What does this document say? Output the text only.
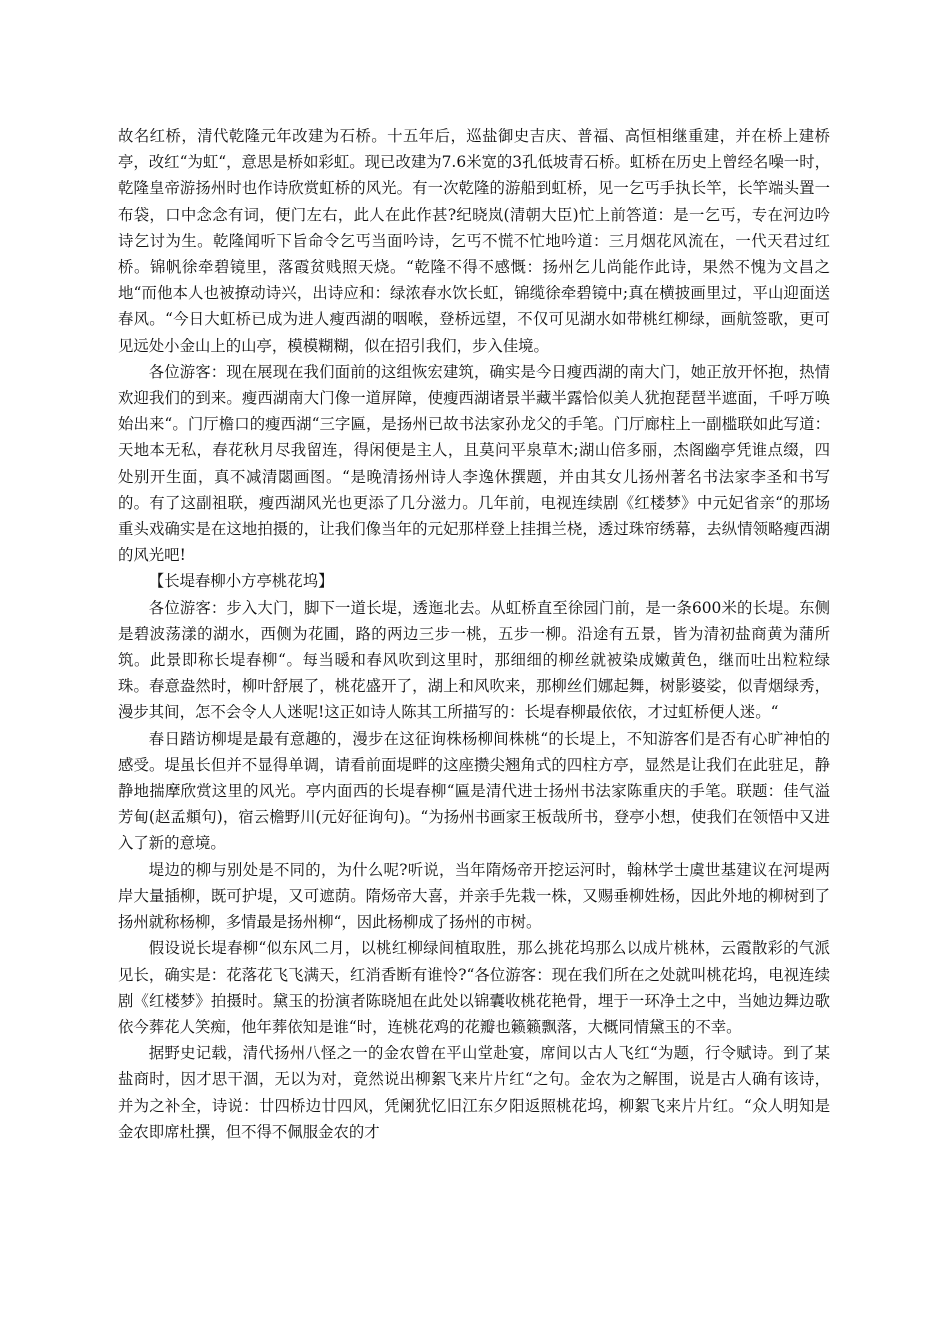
故名红桥，清代乾隆元年改建为石桥。十五年后，巡盐御史吉庆、普福、高恒相继重建，并在桥上建桥亭，改红“为虹“，意思是桥如彩虹。现已改建为7.6米宽的3孔低坡青石桥。虹桥在历史上曾经名噪一时，乾隆皇帝游扬州时也作诗欣赏虹桥的风光。有一次乾隆的游船到虹桥，见一乞丐手执长竿，长竿端头置一布袋，口中念念有词，便门左右，此人在此作甚?纪晓岚(清朝大臣)忙上前答道：是一乞丐，专在河边吟诗乞讨为生。乾隆闻听下旨命令乞丐当面吟诗，乞丐不慌不忙地吟道：三月烟花风流在，一代天君过红桥。锦帆徐牵碧镜里，落霞贫贱照天烧。“乾隆不得不感慨：扬州乞儿尚能作此诗，果然不愧为文昌之地“而他本人也被撩动诗兴，出诗应和：绿浓春水饮长虹，锦缆徐牵碧镜中;真在横披画里过，平山迎面送春风。“今日大虹桥已成为进人瘦西湖的咽喉，登桥远望，不仅可见湖水如带桃红柳绿，画航签歌，更可见远处小金山上的山亭，模模糊糊，似在招引我们，步入佳境。

各位游客：现在展现在我们面前的这组恢宏建筑，确实是今日瘦西湖的南大门，她正放开怀抱，热情欢迎我们的到来。瘦西湖南大门像一道屏障，使瘦西湖诸景半藏半露恰似美人犹抱琵琶半遮面，千呼万唤始出来“。门厅檐口的瘦西湖“三字匾，是扬州已故书法家孙龙父的手笔。门厅廊柱上一副槛联如此写道：天地本无私，春花秋月尽我留连，得闲便是主人，且莫问平泉草木;湖山倍多丽，杰阁幽亭凭谁点缀，四处别开生面，真不减清閟画图。“是晚清扬州诗人李逸休撰题，并由其女儿扬州著名书法家李圣和书写的。有了这副祖联，瘦西湖风光也更添了几分滋力。几年前，电视连续剧《红楼梦》中元妃省亲“的那场重头戏确实是在这地拍摄的，让我们像当年的元妃那样登上挂揖兰桡，透过珠帘绣幕，去纵情领略瘦西湖的风光吧!

【长堤春柳小方亭桃花坞】

各位游客：步入大门，脚下一道长堤，透迤北去。从虹桥直至徐园门前，是一条600米的长堤。东侧是碧波荡漾的湖水，西侧为花圃，路的两边三步一桃，五步一柳。沿途有五景，皆为清初盐商黄为蒲所筑。此景即称长堤春柳“。每当暖和春风吹到这里时，那细细的柳丝就被染成嫩黄色，继而吐出粒粒绿珠。春意盎然时，柳叶舒展了，桃花盛开了，湖上和风吹来，那柳丝们娜起舞，树影婆娑，似青烟绿秀，漫步其间，怎不会令人人迷呢!这正如诗人陈其工所描写的：长堤春柳最依依，才过虹桥便人迷。“

春日踏访柳堤是最有意趣的，漫步在这征询株杨柳间株桃“的长堤上，不知游客们是否有心旷神怕的感受。堤虽长但并不显得单调，请看前面堤畔的这座攒尖翘角式的四柱方亭，显然是让我们在此驻足，静静地揣摩欣赏这里的风光。亭内面西的长堤春柳“匾是清代进士扬州书法家陈重庆的手笔。联题：佳气溢芳甸(赵孟頫句)，宿云檐野川(元好征询句)。“为扬州书画家王板哉所书，登亭小想，使我们在领悟中又进入了新的意境。

堤边的柳与别处是不同的，为什么呢?听说，当年隋炀帝开挖运河时，翰林学士虞世基建议在河堤两岸大量插柳，既可护堤，又可遮荫。隋炀帝大喜，并亲手先栽一株，又赐垂柳姓杨，因此外地的柳树到了扬州就称杨柳，多情最是扬州柳“，因此杨柳成了扬州的市树。

假设说长堤春柳“似东风二月，以桃红柳绿间植取胜，那么挑花坞那么以成片桃林，云霞散彩的气派见长，确实是：花落花飞飞满天，红消香断有谁怜?“各位游客：现在我们所在之处就叫桃花坞，电视连续剧《红楼梦》拍摄时。黛玉的扮演者陈晓旭在此处以锦囊收桃花艳骨，埋于一环净土之中，当她边舞边歌依今葬花人笑痴，他年葬依知是谁“时，连桃花鸡的花瓣也籁籁飘落，大概同情黛玉的不幸。

据野史记载，清代扬州八怪之一的金农曾在平山堂赴宴，席间以古人飞红“为题，行令赋诗。到了某盐商时，因才思干涸，无以为对，竟然说出柳絮飞来片片红“之句。金农为之解围，说是古人确有该诗，并为之补全，诗说：廿四桥边廿四风，凭阑犹忆旧江东夕阳返照桃花坞，柳絮飞来片片红。“众人明知是金农即席杜撰，但不得不佩服金农的才
